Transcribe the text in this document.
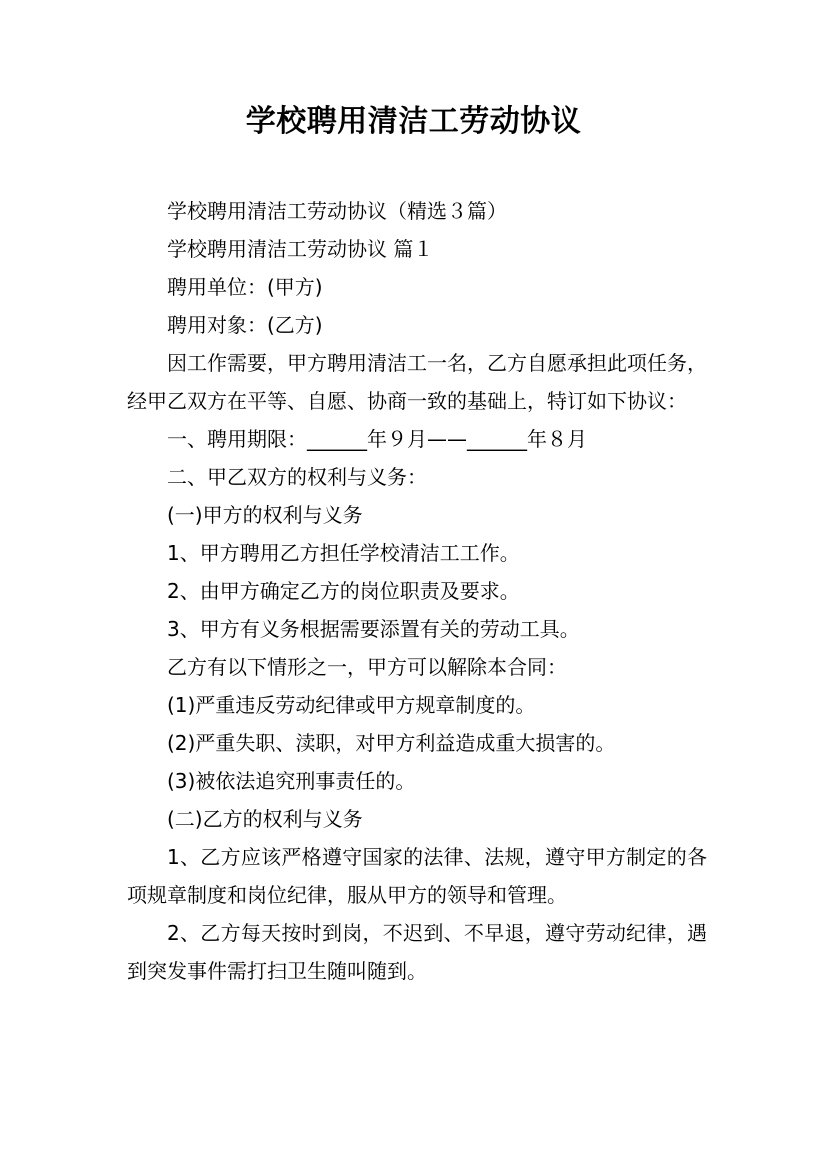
学校聘用清洁工劳动协议

学校聘用清洁工劳动协议（精选３篇）

学校聘用清洁工劳动协议 篇１

聘用单位：(甲方)

聘用对象：(乙方)

因工作需要，甲方聘用清洁工一名，乙方自愿承担此项任务，经甲乙双方在平等、自愿、协商一致的基础上，特订如下协议：

一、聘用期限：______年９月——______年８月

二、甲乙双方的权利与义务：

(一)甲方的权利与义务

1、甲方聘用乙方担任学校清洁工工作。

2、由甲方确定乙方的岗位职责及要求。

3、甲方有义务根据需要添置有关的劳动工具。

乙方有以下情形之一，甲方可以解除本合同：

(1)严重违反劳动纪律或甲方规章制度的。

(2)严重失职、渎职，对甲方利益造成重大损害的。

(3)被依法追究刑事责任的。

(二)乙方的权利与义务

1、乙方应该严格遵守国家的法律、法规，遵守甲方制定的各项规章制度和岗位纪律，服从甲方的领导和管理。

2、乙方每天按时到岗，不迟到、不早退，遵守劳动纪律，遇到突发事件需打扫卫生随叫随到。
